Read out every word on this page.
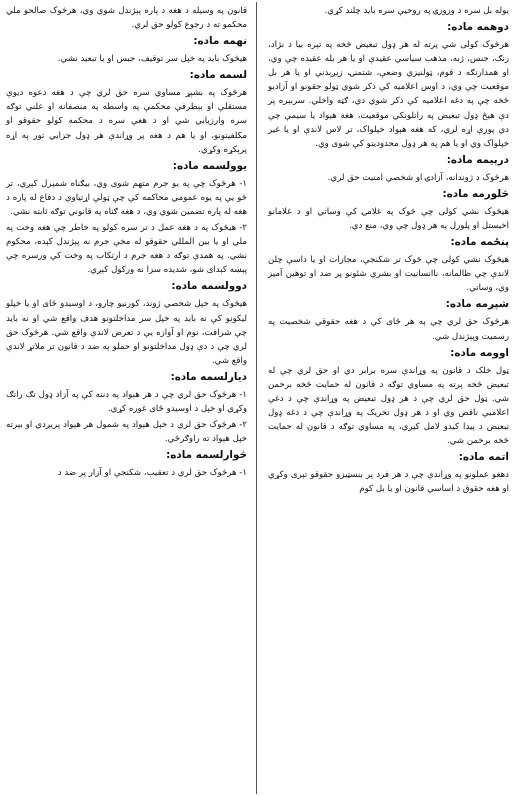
یوله بل سره د ورورۍ په روحیې سره باید چلند کړي.

دوهمه ماده:

هرڅوک کولی شي پرته له هر ډول تبعیض څخه په تېره بیا د نژاد، رنګ، جنس، ژبه، مذهب سیاسي عقیدې او یا هر بله عقیده چې وي، او همدارنګه د قوم، ټولنیزي وضعې، شتمنۍ، زیږېدنې او یا هر بل موقعیت چې وي، د اوس اعلامیه کې ذکر شوي ټولو حقونو او آزادیو څخه چې په دغه اعلامیه کې ذکر شوي دي، ګټه واخلي. سربېره پر دې هیڅ ډول تبعیض په راتلونکي موقعیت، هغه هېواد یا سیمې چې دي پورې اړه لري، که هغه هېواد خپلواک، تر لاس لاندې او یا غیر خپلواک وي او یا هم په هر ډول محدودیتو کې شوی وي.

درېیمه ماده:

هرڅوک د ژوندانه، آزادۍ او شخصي امنیت حق لري.

څلورمه ماده:

هیڅوک نشي کولی چې څوک په غلامۍ کې وساتي او د غلامانو اخیستل او پلورل په هر ډول چې وي، منع دي.

پنځمه ماده:

هیڅوک نشي کولی چې څوک تر شکنجې، مجازات او یا داسې چلن لاندې چې ظالمانه، ناانسانیت او بشري شئونو پر ضد او توهین آمیز وي، وساتي.

شپږمه ماده:

هرڅوک حق لري چې په هر ځای کې د هغه حقوقي شخصیت په رسمیت وپېژندل شي.

اوومه ماده:

ټول خلک د قانون په وړاندې سره برابر دي او حق لري چې له تبعیض څخه پرته په مساوي توګه د قانون له حمایت څخه برخمن شي. ټول حق لري چې د هر ډول تبعیض په وړاندې چې د دغې اعلامیې ناقض وي او د هر ډول تحریک په وړاندې چې د دغه ډول تبعیض د پیدا کیدو لامل کیږي، په مساوي توګه د قانون له حمایت څخه برخمن شي.

اتمه ماده:

دهغو عملونو په وړاندې چې د هر فرد پر بنسټیزو حقوقو تېری وکړي او هغه حقوق د اساسي قانون او یا بل کوم

قانون په وسیله د هغه د پاره پېژندل شوي وي، هرڅوک صالحو ملي محکمو ته د رجوع کولو حق لري.

نهمه ماده:

هیڅوک باید په خپل سر توقیف، حبس او یا تبعید نشي.

لسمه ماده:

هرڅوک په بشپړ مساوي سره حق لري چې د هغه دعوه دیوې مستقلې او بېطرفې محکمې په واسطه په منصفانه او علني توګه سره وارزیابي شي او د هغې سره د محکمه کولو حقوقو او مکلفیتونو، او یا هم د هغه پر وړاندې هر ډول جزایي تور په اړه پرېکړه وکړي.

یوولسمه ماده:

۱- هرڅوک چې په یو جرم متهم شوی وي، بیګناه شمېرل کېږي، تر څو یې په یوه عمومي محاکمه کې چې ټولې اړتیاوې د دفاع له پاره د هغه له پاره تضمین شوي وي، د هغه ګناه په قانوني توګه ثابته نشي.

۲- هیڅوک په د هغه عمل د تر سره کولو په خاطر چې هغه وخت په ملي او یا بین المللي حقوقو له مخې جرم نه پېژندل کېده، محکوم نشي. په همدې توګه د هغه جرم د ارتکاب په وخت کې ورسره چې پېښه کېدای شو، شدیده سزا نه ورکول کېږي.

دوولسمه ماده:

هیڅوک په خپل شخصي ژوند، کورنیو چارو، د اوسیدو ځای او یا خپلو لیکونو کې نه باید په خپل سر مداخلتونو هدف واقع شي او نه باید چې شرافت، نوم او آوازه یې د تعرض لاندې واقع شي. هرڅوک حق لري چې د دې ډول مداخلتونو او حملو په ضد د قانون تر ملاتړ لاندې واقع شي.

دیارلسمه ماده:

۱- هرڅوک حق لري چې د هر هېواد په دننه کې په آزاد ډول تګ راتګ وکړي او خپل د اوسیدو ځای غوره کړي.

۲- هرڅوک حق لري د خپل هېواد په شمول هر هېواد پریږدي او بېرته خپل هېواد ته راوګرځي.

څوارلسمه ماده:

۱- هرڅوک حق لري د تعقیب، شکنجې او آزار پر ضد د
